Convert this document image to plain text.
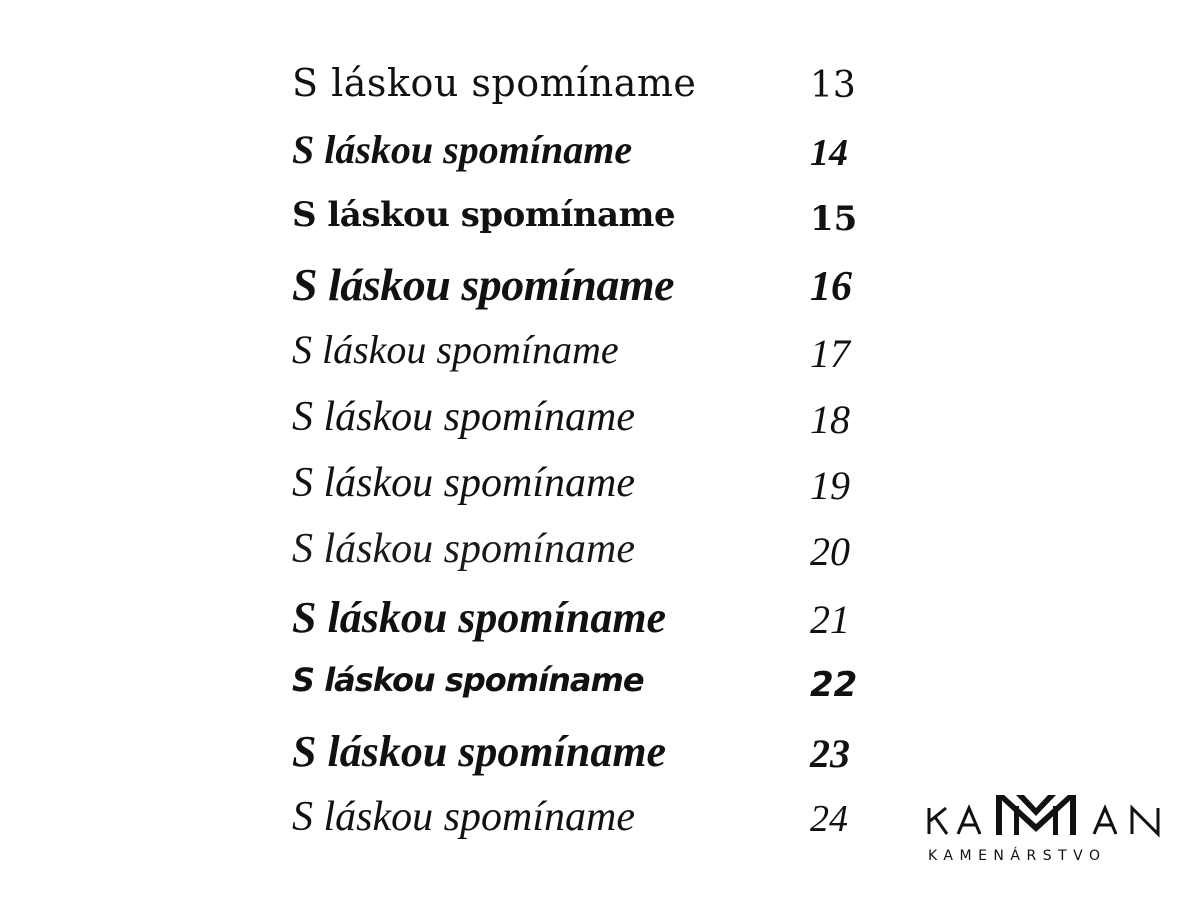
S láskou spomíname	13
S láskou spomíname	14
S láskou spomíname	15
S láskou spomíname	16
S láskou spomíname	17
S láskou spomíname	18
S láskou spomíname	19
S láskou spomíname	20
S láskou spomíname	21
S láskou spomíname	22
S láskou spomíname	23
S láskou spomíname	24
KAMENÁRSTVO
